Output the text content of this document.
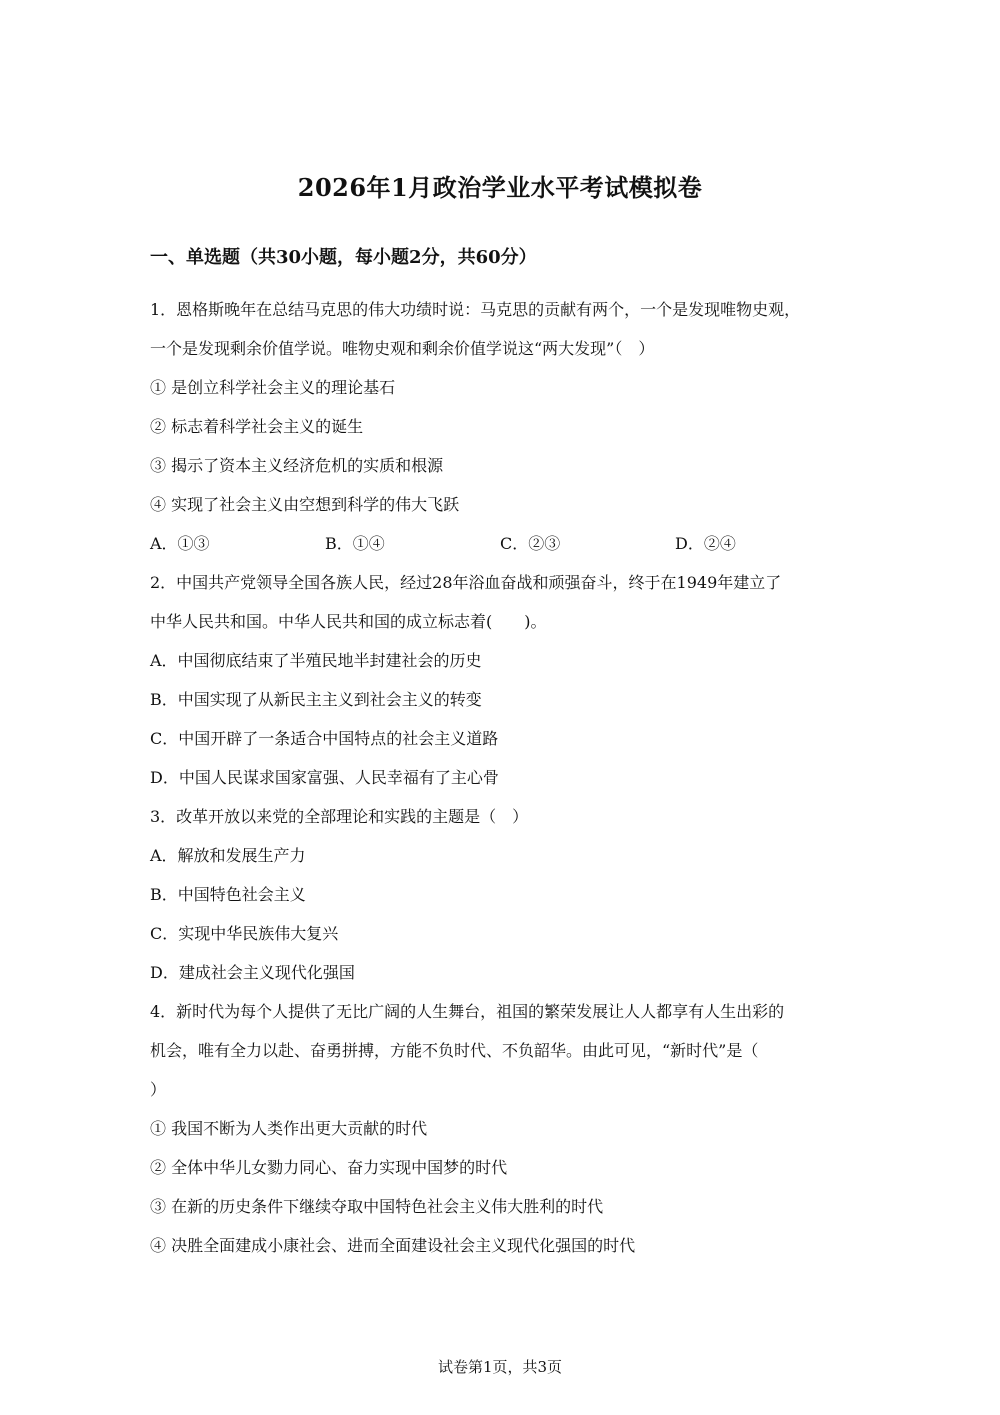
2026年1月政治学业水平考试模拟卷
一、单选题（共30小题，每小题2分，共60分）
1．恩格斯晚年在总结马克思的伟大功绩时说：马克思的贡献有两个，一个是发现唯物史观，
一个是发现剩余价值学说。唯物史观和剩余价值学说这“两大发现”（　）
① 是创立科学社会主义的理论基石
② 标志着科学社会主义的诞生
③ 揭示了资本主义经济危机的实质和根源
④ 实现了社会主义由空想到科学的伟大飞跃
A．①③	B．①④	C．②③	D．②④
2．中国共产党领导全国各族人民，经过28年浴血奋战和顽强奋斗，终于在1949年建立了
中华人民共和国。中华人民共和国的成立标志着(　　)。
A．中国彻底结束了半殖民地半封建社会的历史
B．中国实现了从新民主主义到社会主义的转变
C．中国开辟了一条适合中国特点的社会主义道路
D．中国人民谋求国家富强、人民幸福有了主心骨
3．改革开放以来党的全部理论和实践的主题是（　）
A．解放和发展生产力
B．中国特色社会主义
C．实现中华民族伟大复兴
D．建成社会主义现代化强国
4．新时代为每个人提供了无比广阔的人生舞台，祖国的繁荣发展让人人都享有人生出彩的
机会，唯有全力以赴、奋勇拼搏，方能不负时代、不负韶华。由此可见，“新时代”是（
）
① 我国不断为人类作出更大贡献的时代
② 全体中华儿女勠力同心、奋力实现中国梦的时代
③ 在新的历史条件下继续夺取中国特色社会主义伟大胜利的时代
④ 决胜全面建成小康社会、进而全面建设社会主义现代化强国的时代
试卷第1页，共3页
